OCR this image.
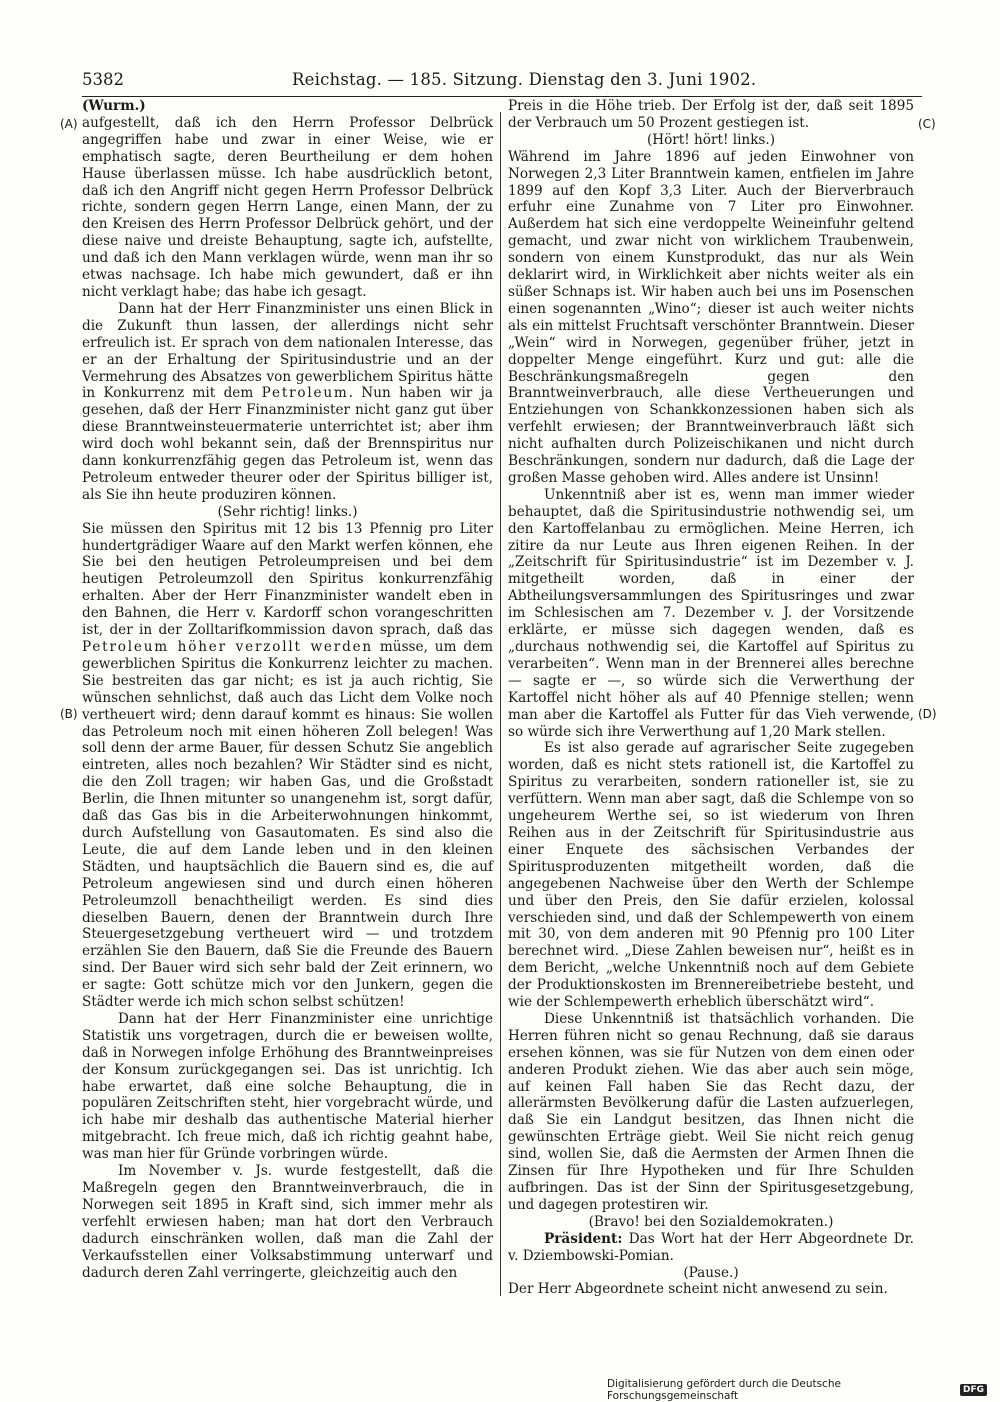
5382	Reichstag. — 185. Sitzung. Dienstag den 3. Juni 1902.
(A)
(B)
(C)
(D)

(Wurm.)

aufgestellt, daß ich den Herrn Professor Delbrück angegriffen habe und zwar in einer Weise, wie er emphatisch sagte, deren Beurtheilung er dem hohen Hause überlassen müsse. Ich habe ausdrücklich betont, daß ich den Angriff nicht gegen Herrn Professor Delbrück richte, sondern gegen Herrn Lange, einen Mann, der zu den Kreisen des Herrn Professor Delbrück gehört, und der diese naive und dreiste Behauptung, sagte ich, aufstellte, und daß ich den Mann verklagen würde, wenn man ihr so etwas nachsage. Ich habe mich gewundert, daß er ihn nicht verklagt habe; das habe ich gesagt.

Dann hat der Herr Finanzminister uns einen Blick in die Zukunft thun lassen, der allerdings nicht sehr erfreulich ist. Er sprach von dem nationalen Interesse, das er an der Erhaltung der Spiritusindustrie und an der Vermehrung des Absatzes von gewerblichem Spiritus hätte in Konkurrenz mit dem Petroleum. Nun haben wir ja gesehen, daß der Herr Finanzminister nicht ganz gut über diese Branntweinsteuermaterie unterrichtet ist; aber ihm wird doch wohl bekannt sein, daß der Brennspiritus nur dann konkurrenzfähig gegen das Petroleum ist, wenn das Petroleum entweder theurer oder der Spiritus billiger ist, als Sie ihn heute produziren können.

(Sehr richtig! links.)

Sie müssen den Spiritus mit 12 bis 13 Pfennig pro Liter hundertgrädiger Waare auf den Markt werfen können, ehe Sie bei den heutigen Petroleumpreisen und bei dem heutigen Petroleumzoll den Spiritus konkurrenzfähig erhalten. Aber der Herr Finanzminister wandelt eben in den Bahnen, die Herr v. Kardorff schon vorangeschritten ist, der in der Zolltarifkommission davon sprach, daß das Petroleum höher verzollt werden müsse, um dem gewerblichen Spiritus die Konkurrenz leichter zu machen. Sie bestreiten das gar nicht; es ist ja auch richtig, Sie wünschen sehnlichst, daß auch das Licht dem Volke noch vertheuert wird; denn darauf kommt es hinaus: Sie wollen das Petroleum noch mit einen höheren Zoll belegen! Was soll denn der arme Bauer, für dessen Schutz Sie angeblich eintreten, alles noch bezahlen? Wir Städter sind es nicht, die den Zoll tragen; wir haben Gas, und die Großstadt Berlin, die Ihnen mitunter so unangenehm ist, sorgt dafür, daß das Gas bis in die Arbeiterwohnungen hinkommt, durch Aufstellung von Gasautomaten. Es sind also die Leute, die auf dem Lande leben und in den kleinen Städten, und hauptsächlich die Bauern sind es, die auf Petroleum angewiesen sind und durch einen höheren Petroleumzoll benachtheiligt werden. Es sind dies dieselben Bauern, denen der Branntwein durch Ihre Steuergesetzgebung vertheuert wird — und trotzdem erzählen Sie den Bauern, daß Sie die Freunde des Bauern sind. Der Bauer wird sich sehr bald der Zeit erinnern, wo er sagte: Gott schütze mich vor den Junkern, gegen die Städter werde ich mich schon selbst schützen!

Dann hat der Herr Finanzminister eine unrichtige Statistik uns vorgetragen, durch die er beweisen wollte, daß in Norwegen infolge Erhöhung des Branntweinpreises der Konsum zurückgegangen sei. Das ist unrichtig. Ich habe erwartet, daß eine solche Behauptung, die in populären Zeitschriften steht, hier vorgebracht würde, und ich habe mir deshalb das authentische Material hierher mitgebracht. Ich freue mich, daß ich richtig geahnt habe, was man hier für Gründe vorbringen würde.

Im November v. Js. wurde festgestellt, daß die Maßregeln gegen den Branntweinverbrauch, die in Norwegen seit 1895 in Kraft sind, sich immer mehr als verfehlt erwiesen haben; man hat dort den Verbrauch dadurch einschränken wollen, daß man die Zahl der Verkaufsstellen einer Volksabstimmung unterwarf und dadurch deren Zahl verringerte, gleichzeitig auch den

Preis in die Höhe trieb. Der Erfolg ist der, daß seit 1895 der Verbrauch um 50 Prozent gestiegen ist.

(Hört! hört! links.)

Während im Jahre 1896 auf jeden Einwohner von Norwegen 2,3 Liter Branntwein kamen, entfielen im Jahre 1899 auf den Kopf 3,3 Liter. Auch der Bierverbrauch erfuhr eine Zunahme von 7 Liter pro Einwohner. Außerdem hat sich eine verdoppelte Weineinfuhr geltend gemacht, und zwar nicht von wirklichem Traubenwein, sondern von einem Kunstprodukt, das nur als Wein deklarirt wird, in Wirklichkeit aber nichts weiter als ein süßer Schnaps ist. Wir haben auch bei uns im Posenschen einen sogenannten „Wino“; dieser ist auch weiter nichts als ein mittelst Fruchtsaft verschönter Branntwein. Dieser „Wein“ wird in Norwegen, gegenüber früher, jetzt in doppelter Menge eingeführt. Kurz und gut: alle die Beschränkungsmaßregeln gegen den Branntweinverbrauch, alle diese Vertheuerungen und Entziehungen von Schankkonzessionen haben sich als verfehlt erwiesen; der Branntweinverbrauch läßt sich nicht aufhalten durch Polizeischikanen und nicht durch Beschränkungen, sondern nur dadurch, daß die Lage der großen Masse gehoben wird. Alles andere ist Unsinn!

Unkenntniß aber ist es, wenn man immer wieder behauptet, daß die Spiritusindustrie nothwendig sei, um den Kartoffelanbau zu ermöglichen. Meine Herren, ich zitire da nur Leute aus Ihren eigenen Reihen. In der „Zeitschrift für Spiritusindustrie“ ist im Dezember v. J. mitgetheilt worden, daß in einer der Abtheilungsversammlungen des Spiritusringes und zwar im Schlesischen am 7. Dezember v. J. der Vorsitzende erklärte, er müsse sich dagegen wenden, daß es „durchaus nothwendig sei, die Kartoffel auf Spiritus zu verarbeiten“. Wenn man in der Brennerei alles berechne — sagte er —, so würde sich die Verwerthung der Kartoffel nicht höher als auf 40 Pfennige stellen; wenn man aber die Kartoffel als Futter für das Vieh verwende, so würde sich ihre Verwerthung auf 1,20 Mark stellen.

Es ist also gerade auf agrarischer Seite zugegeben worden, daß es nicht stets rationell ist, die Kartoffel zu Spiritus zu verarbeiten, sondern rationeller ist, sie zu verfüttern. Wenn man aber sagt, daß die Schlempe von so ungeheurem Werthe sei, so ist wiederum von Ihren Reihen aus in der Zeitschrift für Spiritusindustrie aus einer Enquete des sächsischen Verbandes der Spiritusproduzenten mitgetheilt worden, daß die angegebenen Nachweise über den Werth der Schlempe und über den Preis, den Sie dafür erzielen, kolossal verschieden sind, und daß der Schlempewerth von einem mit 30, von dem anderen mit 90 Pfennig pro 100 Liter berechnet wird. „Diese Zahlen beweisen nur“, heißt es in dem Bericht, „welche Unkenntniß noch auf dem Gebiete der Produktionskosten im Brennereibetriebe besteht, und wie der Schlempewerth erheblich überschätzt wird“.

Diese Unkenntniß ist thatsächlich vorhanden. Die Herren führen nicht so genau Rechnung, daß sie daraus ersehen können, was sie für Nutzen von dem einen oder anderen Produkt ziehen. Wie das aber auch sein möge, auf keinen Fall haben Sie das Recht dazu, der allerärmsten Bevölkerung dafür die Lasten aufzuerlegen, daß Sie ein Landgut besitzen, das Ihnen nicht die gewünschten Erträge giebt. Weil Sie nicht reich genug sind, wollen Sie, daß die Aermsten der Armen Ihnen die Zinsen für Ihre Hypotheken und für Ihre Schulden aufbringen. Das ist der Sinn der Spiritusgesetzgebung, und dagegen protestiren wir.

(Bravo! bei den Sozialdemokraten.)

Präsident: Das Wort hat der Herr Abgeordnete Dr. v. Dziembowski-Pomian.

(Pause.)

Der Herr Abgeordnete scheint nicht anwesend zu sein.

Digitalisierung gefördert durch die Deutsche Forschungsgemeinschaft	DFG
